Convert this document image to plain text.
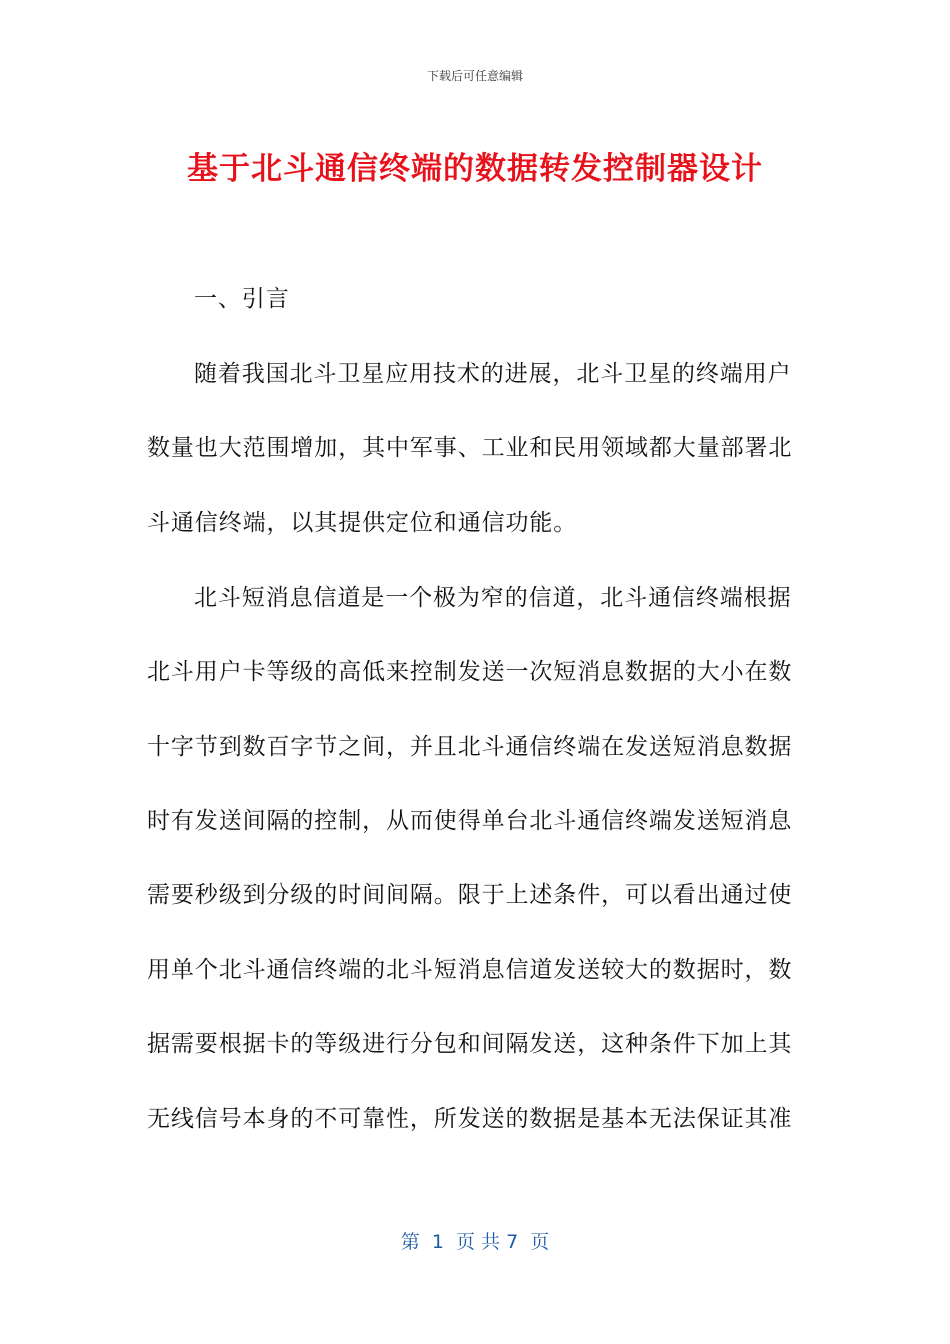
下载后可任意编辑
基于北斗通信终端的数据转发控制器设计
一、引言
随着我国北斗卫星应用技术的进展，北斗卫星的终端用户
数量也大范围增加，其中军事、工业和民用领域都大量部署北
斗通信终端，以其提供定位和通信功能。
北斗短消息信道是一个极为窄的信道，北斗通信终端根据
北斗用户卡等级的高低来控制发送一次短消息数据的大小在数
十字节到数百字节之间，并且北斗通信终端在发送短消息数据
时有发送间隔的控制，从而使得单台北斗通信终端发送短消息
需要秒级到分级的时间间隔。限于上述条件，可以看出通过使
用单个北斗通信终端的北斗短消息信道发送较大的数据时，数
据需要根据卡的等级进行分包和间隔发送，这种条件下加上其
无线信号本身的不可靠性，所发送的数据是基本无法保证其准
第  1  页 共 7  页
